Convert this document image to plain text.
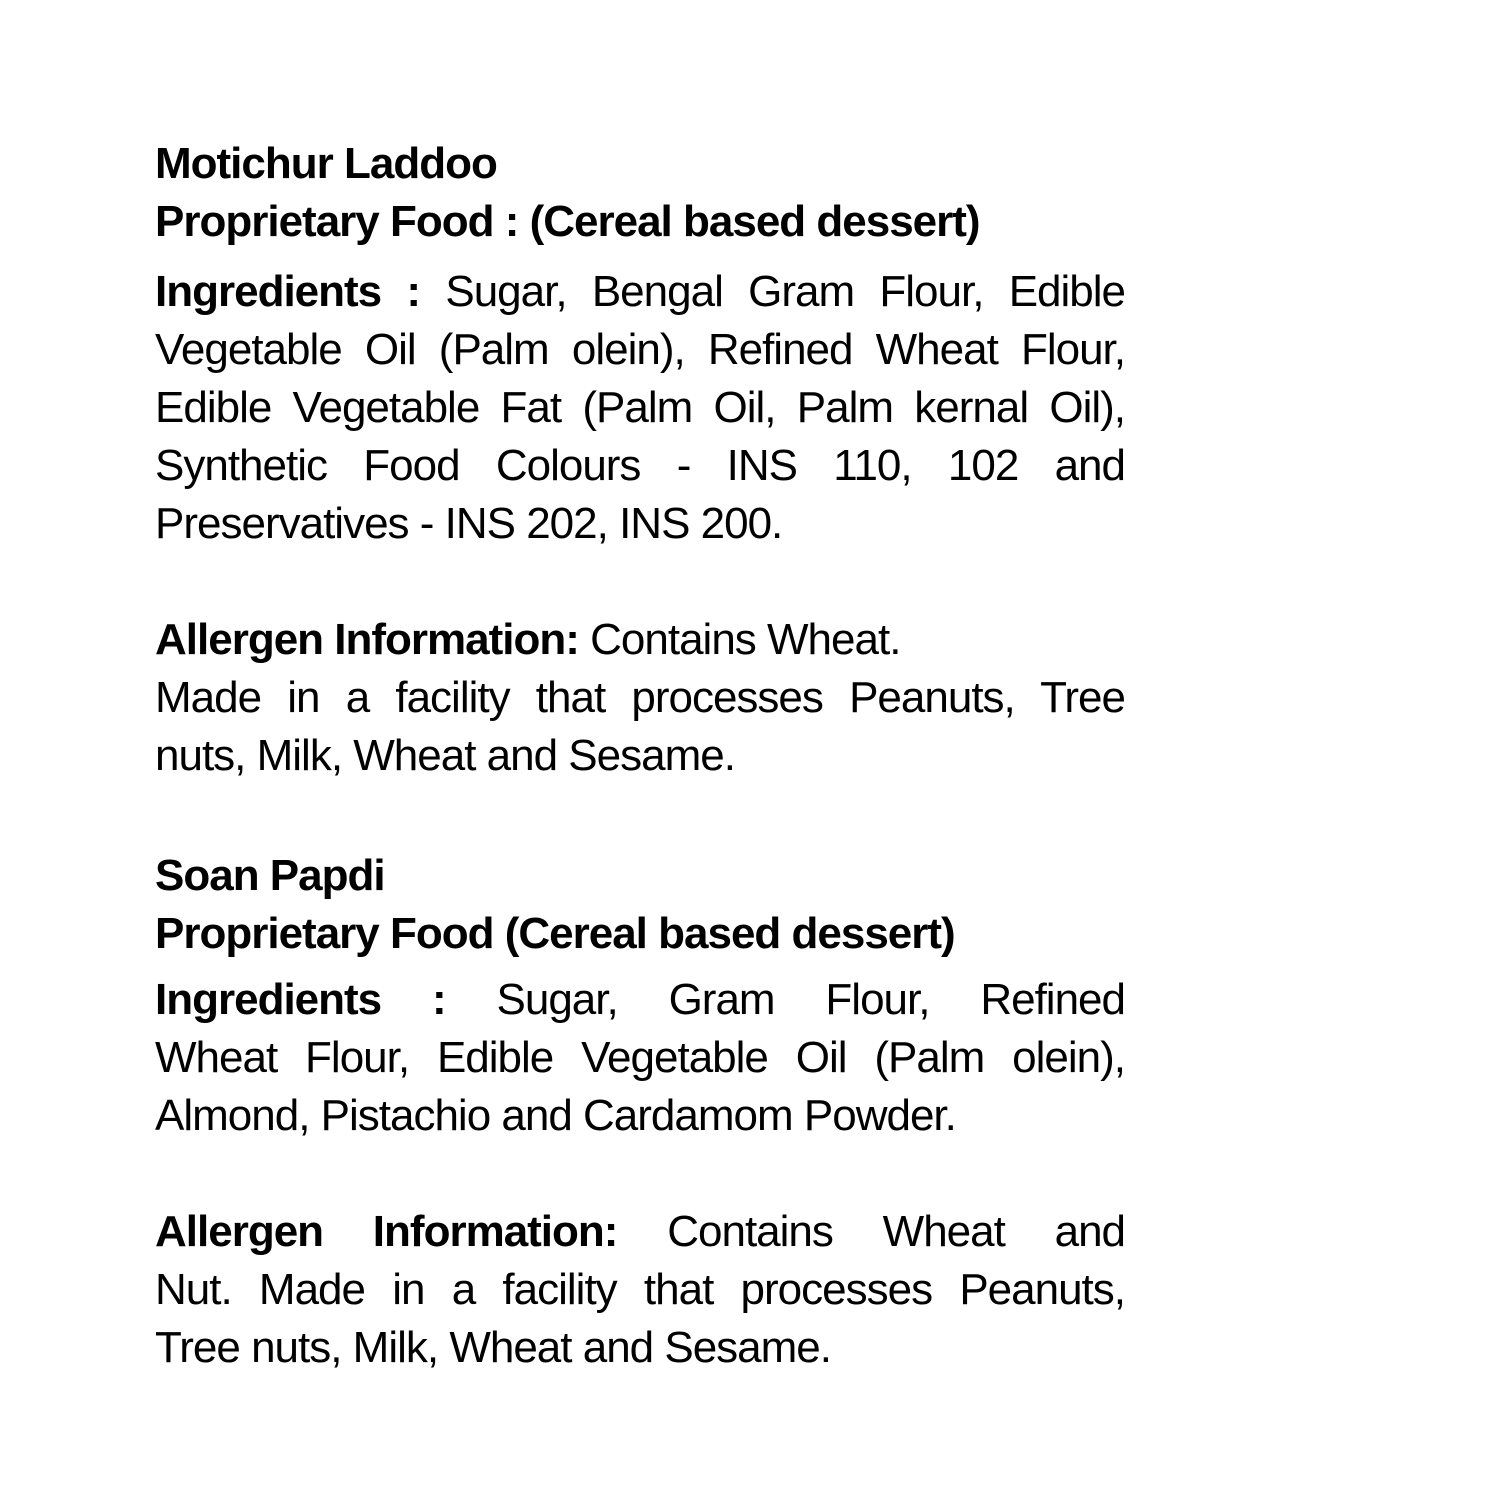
Motichur Laddoo
Proprietary Food : (Cereal based dessert)
Ingredients : Sugar, Bengal Gram Flour, Edible
Vegetable Oil (Palm olein), Refined Wheat Flour,
Edible Vegetable Fat (Palm Oil, Palm kernal Oil),
Synthetic Food Colours - INS 110, 102 and
Preservatives - INS 202, INS 200.
Allergen Information: Contains Wheat.
Made in a facility that processes Peanuts, Tree
nuts, Milk, Wheat and Sesame.
Soan Papdi
Proprietary Food (Cereal based dessert)
Ingredients : Sugar, Gram Flour, Refined
Wheat Flour, Edible Vegetable Oil (Palm olein),
Almond, Pistachio and Cardamom Powder.
Allergen Information: Contains Wheat and
Nut. Made in a facility that processes Peanuts,
Tree nuts, Milk, Wheat and Sesame.
